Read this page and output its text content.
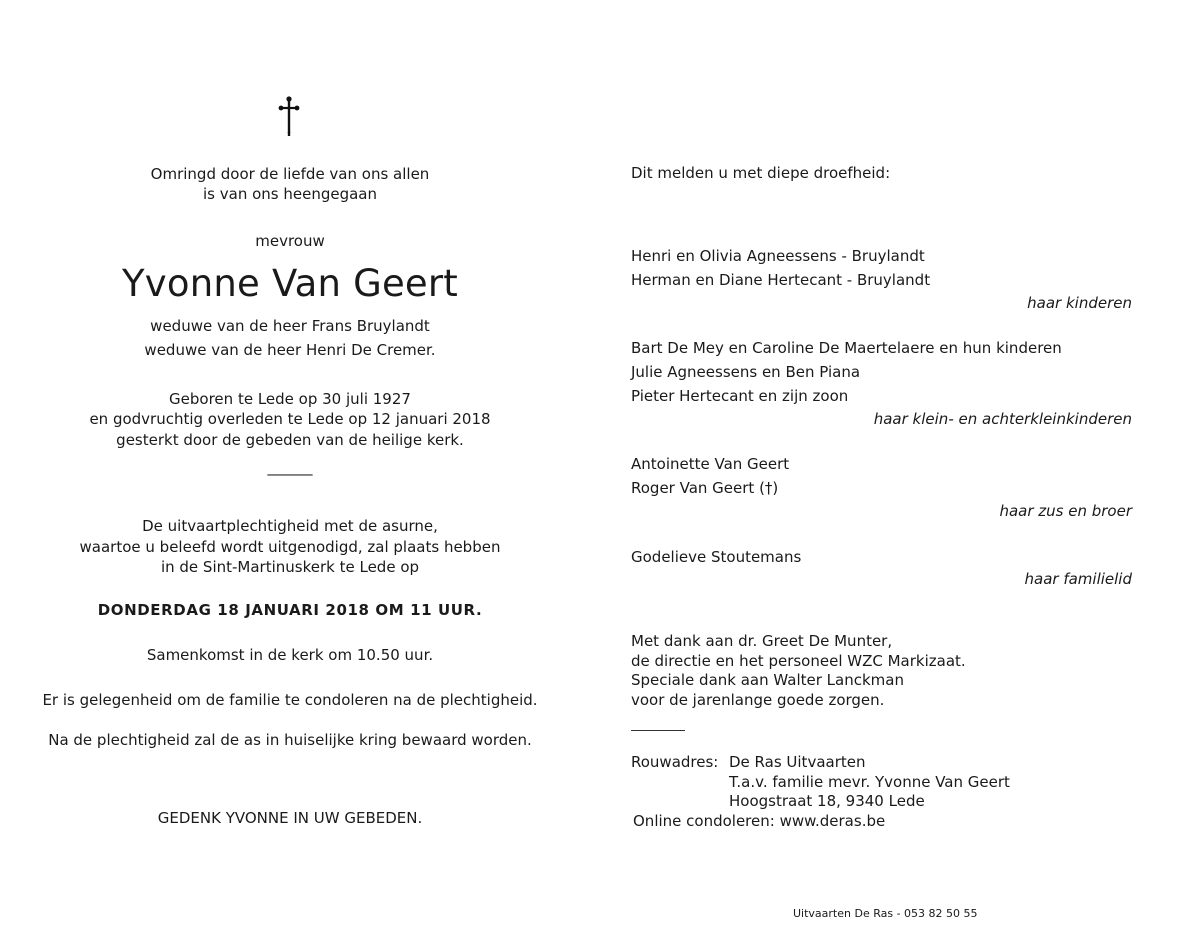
Omringd door de liefde van ons allen
is van ons heengegaan
mevrouw
Yvonne Van Geert
weduwe van de heer Frans Bruylandt
weduwe van de heer Henri De Cremer.
Geboren te Lede op 30 juli 1927
en godvruchtig overleden te Lede op 12 januari 2018
gesterkt door de gebeden van de heilige kerk.
______
De uitvaartplechtigheid met de asurne,
waartoe u beleefd wordt uitgenodigd, zal plaats hebben
in de Sint-Martinuskerk te Lede op
DONDERDAG 18 JANUARI 2018 OM 11 UUR.
Samenkomst in de kerk om 10.50 uur.
Er is gelegenheid om de familie te condoleren na de plechtigheid.
Na de plechtigheid zal de as in huiselijke kring bewaard worden.
GEDENK YVONNE IN UW GEBEDEN.
Dit melden u met diepe droefheid:
Henri en Olivia Agneessens - Bruylandt
Herman en Diane Hertecant - Bruylandt
haar kinderen
Bart De Mey en Caroline De Maertelaere en hun kinderen
Julie Agneessens en Ben Piana
Pieter Hertecant en zijn zoon
haar klein- en achterkleinkinderen
Antoinette Van Geert
Roger Van Geert (†)
haar zus en broer
Godelieve Stoutemans
haar familielid
Met dank aan dr. Greet De Munter,
de directie en het personeel WZC Markizaat.
Speciale dank aan Walter Lanckman
voor de jarenlange goede zorgen.
Rouwadres: De Ras Uitvaarten
T.a.v. familie mevr. Yvonne Van Geert
Hoogstraat 18, 9340 Lede
Online condoleren: www.deras.be
Uitvaarten De Ras - 053 82 50 55
